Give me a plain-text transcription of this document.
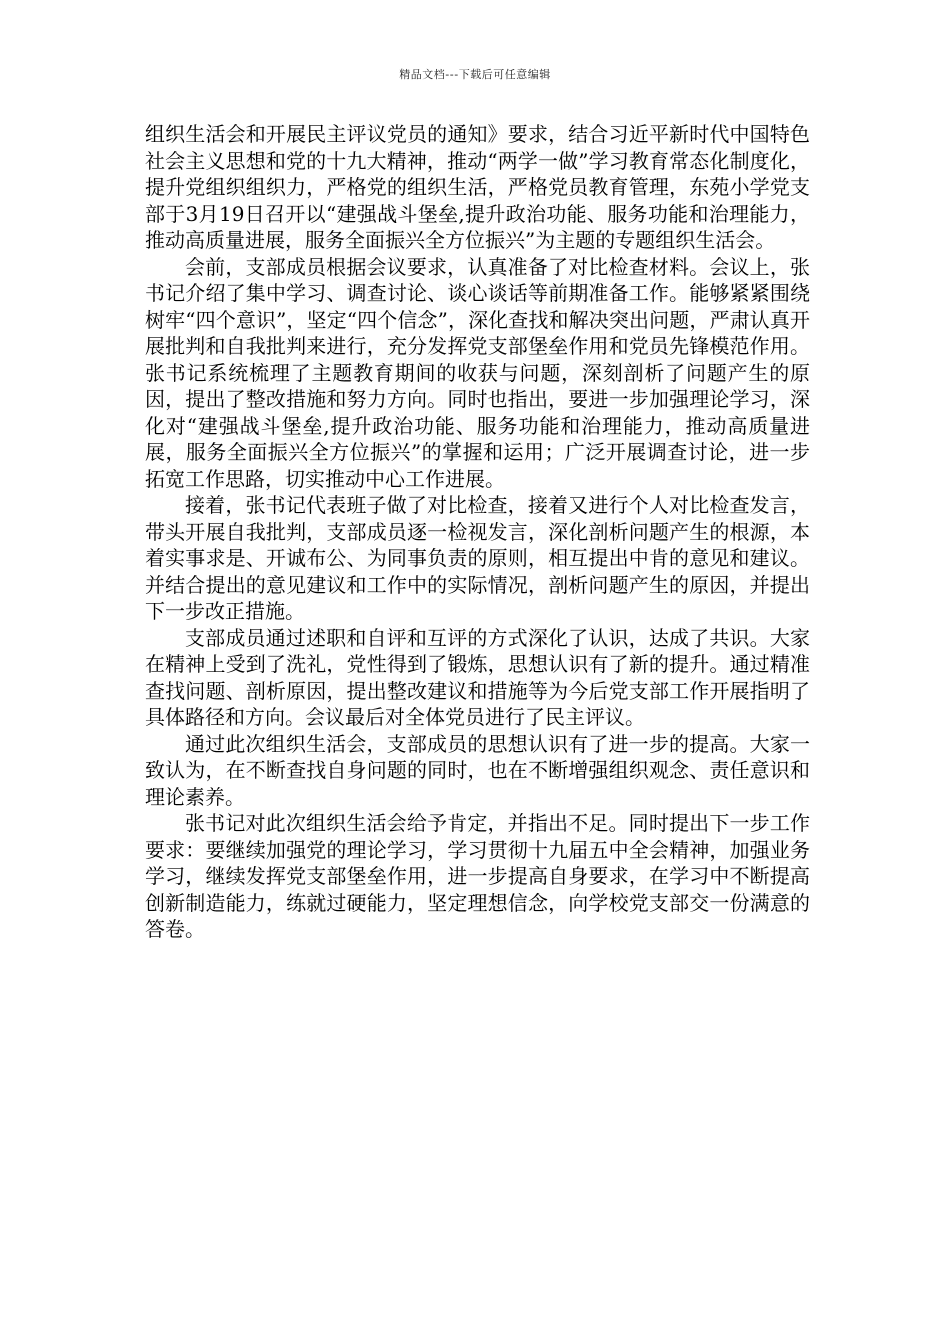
精品文档---下载后可任意编辑

组织生活会和开展民主评议党员的通知》要求，结合习近平新时代中国特色社会主义思想和党的十九大精神，推动“两学一做”学习教育常态化制度化，提升党组织组织力，严格党的组织生活，严格党员教育管理，东苑小学党支部于3月19日召开以“建强战斗堡垒,提升政治功能、服务功能和治理能力，推动高质量进展，服务全面振兴全方位振兴”为主题的专题组织生活会。

会前，支部成员根据会议要求，认真准备了对比检查材料。会议上，张书记介绍了集中学习、调查讨论、谈心谈话等前期准备工作。能够紧紧围绕树牢“四个意识”，坚定“四个信念”，深化查找和解决突出问题，严肃认真开展批判和自我批判来进行，充分发挥党支部堡垒作用和党员先锋模范作用。张书记系统梳理了主题教育期间的收获与问题，深刻剖析了问题产生的原因，提出了整改措施和努力方向。同时也指出，要进一步加强理论学习，深化对“建强战斗堡垒,提升政治功能、服务功能和治理能力，推动高质量进展，服务全面振兴全方位振兴”的掌握和运用；广泛开展调查讨论，进一步拓宽工作思路，切实推动中心工作进展。

接着，张书记代表班子做了对比检查，接着又进行个人对比检查发言，带头开展自我批判，支部成员逐一检视发言，深化剖析问题产生的根源，本着实事求是、开诚布公、为同事负责的原则，相互提出中肯的意见和建议。并结合提出的意见建议和工作中的实际情况，剖析问题产生的原因，并提出下一步改正措施。

支部成员通过述职和自评和互评的方式深化了认识，达成了共识。大家在精神上受到了洗礼，党性得到了锻炼，思想认识有了新的提升。通过精准查找问题、剖析原因，提出整改建议和措施等为今后党支部工作开展指明了具体路径和方向。会议最后对全体党员进行了民主评议。

通过此次组织生活会，支部成员的思想认识有了进一步的提高。大家一致认为，在不断查找自身问题的同时，也在不断增强组织观念、责任意识和理论素养。

张书记对此次组织生活会给予肯定，并指出不足。同时提出下一步工作要求：要继续加强党的理论学习，学习贯彻十九届五中全会精神，加强业务学习，继续发挥党支部堡垒作用，进一步提高自身要求，在学习中不断提高创新制造能力，练就过硬能力，坚定理想信念，向学校党支部交一份满意的答卷。
